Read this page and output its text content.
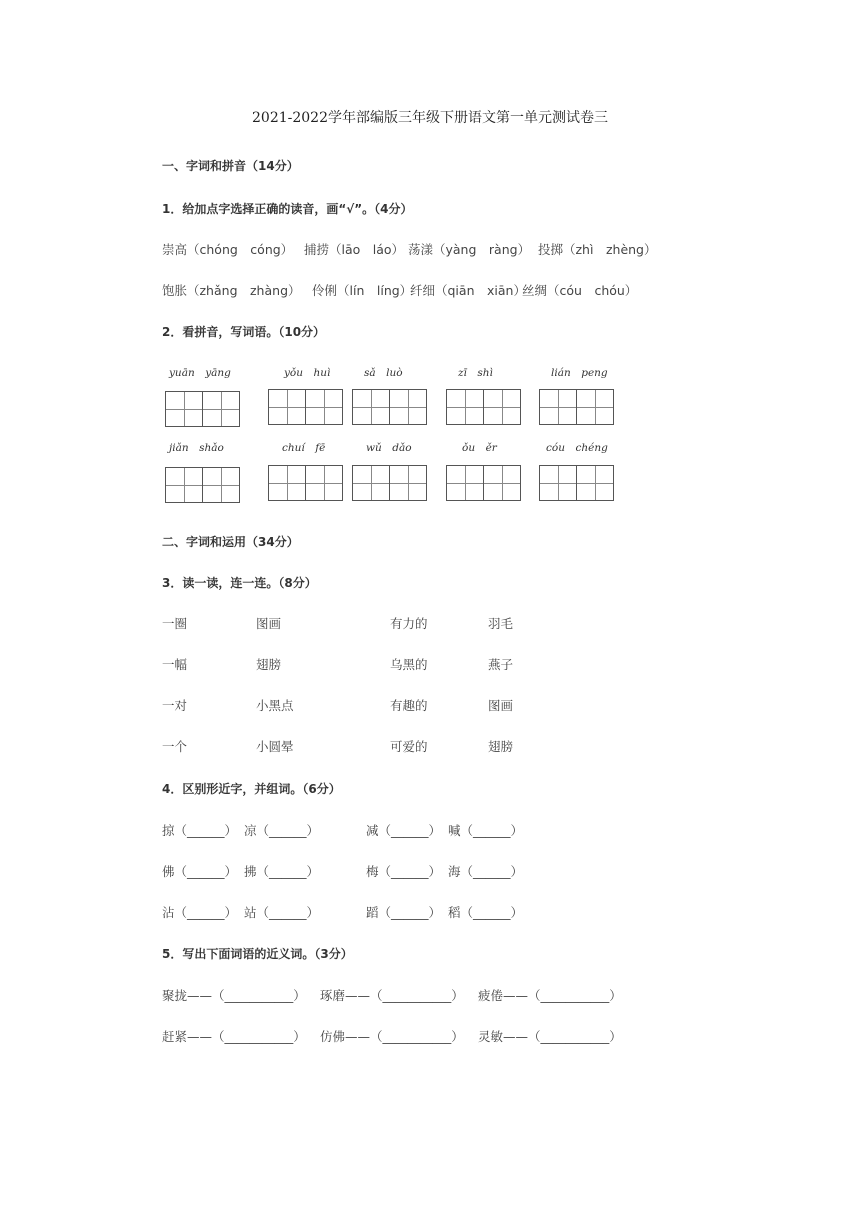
2021-2022学年部编版三年级下册语文第一单元测试卷三
一、字词和拼音（14分）
1．给加点字选择正确的读音，画“√”。（4分）
崇高（chóng　cóng） 捕捞（lāo　láo） 荡漾（yàng　ràng） 投掷（zhì　zhèng）
饱胀（zhǎng　zhàng） 伶俐（lín　líng）
纤细（qiān　xiān）
丝绸（cóu　chóu）
2．看拼音，写词语。（10分）
yuān　yāng	yǒu　huì	sǎ　luò	zī　shì	lián　peng
jiǎn　shǎo	chuí　fē	wǔ　dǎo	ǒu　ěr	cóu　chéng
二、字词和运用（34分）
3．读一读，连一连。（8分）
一圈	图画	有力的	羽毛
一幅	翅膀	乌黑的	燕子
一对	小黑点	有趣的	图画
一个	小圆晕	可爱的	翅膀
4．区别形近字，并组词。（6分）
掠（______） 凉（______）	减（______） 喊（______）
佛（______） 拂（______）	梅（______） 海（______）
沾（______） 站（______）	蹈（______） 稻（______）
5．写出下面词语的近义词。（3分）
聚拢——（___________） 琢磨——（___________） 疲倦——（___________）
赶紧——（___________） 仿佛——（___________） 灵敏——（___________）
